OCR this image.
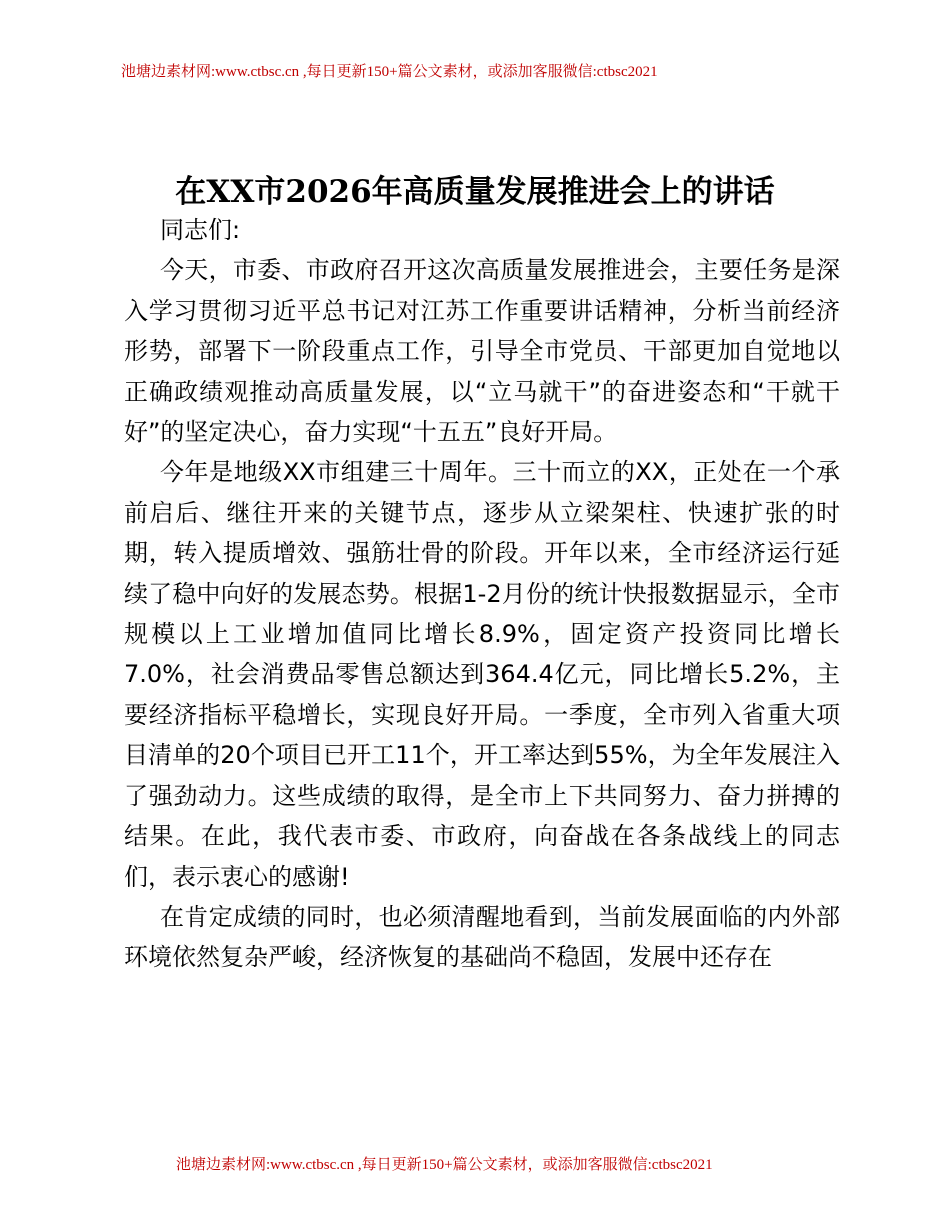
池塘边素材网:www.ctbsc.cn ,每日更新150+篇公文素材，或添加客服微信:ctbsc2021
在XX市2026年高质量发展推进会上的讲话

同志们:

今天，市委、市政府召开这次高质量发展推进会，主要任务是深入学习贯彻习近平总书记对江苏工作重要讲话精神，分析当前经济形势，部署下一阶段重点工作，引导全市党员、干部更加自觉地以正确政绩观推动高质量发展，以“立马就干”的奋进姿态和“干就干好”的坚定决心，奋力实现“十五五”良好开局。

今年是地级XX市组建三十周年。三十而立的XX，正处在一个承前启后、继往开来的关键节点，逐步从立梁架柱、快速扩张的时期，转入提质增效、强筋壮骨的阶段。开年以来，全市经济运行延续了稳中向好的发展态势。根据1-2月份的统计快报数据显示，全市规模以上工业增加值同比增长8.9%，固定资产投资同比增长7.0%，社会消费品零售总额达到364.4亿元，同比增长5.2%，主要经济指标平稳增长，实现良好开局。一季度，全市列入省重大项目清单的20个项目已开工11个，开工率达到55%，为全年发展注入了强劲动力。这些成绩的取得，是全市上下共同努力、奋力拼搏的结果。在此，我代表市委、市政府，向奋战在各条战线上的同志们，表示衷心的感谢!

在肯定成绩的同时，也必须清醒地看到，当前发展面临的内外部环境依然复杂严峻，经济恢复的基础尚不稳固，发展中还存在

池塘边素材网:www.ctbsc.cn ,每日更新150+篇公文素材，或添加客服微信:ctbsc2021
